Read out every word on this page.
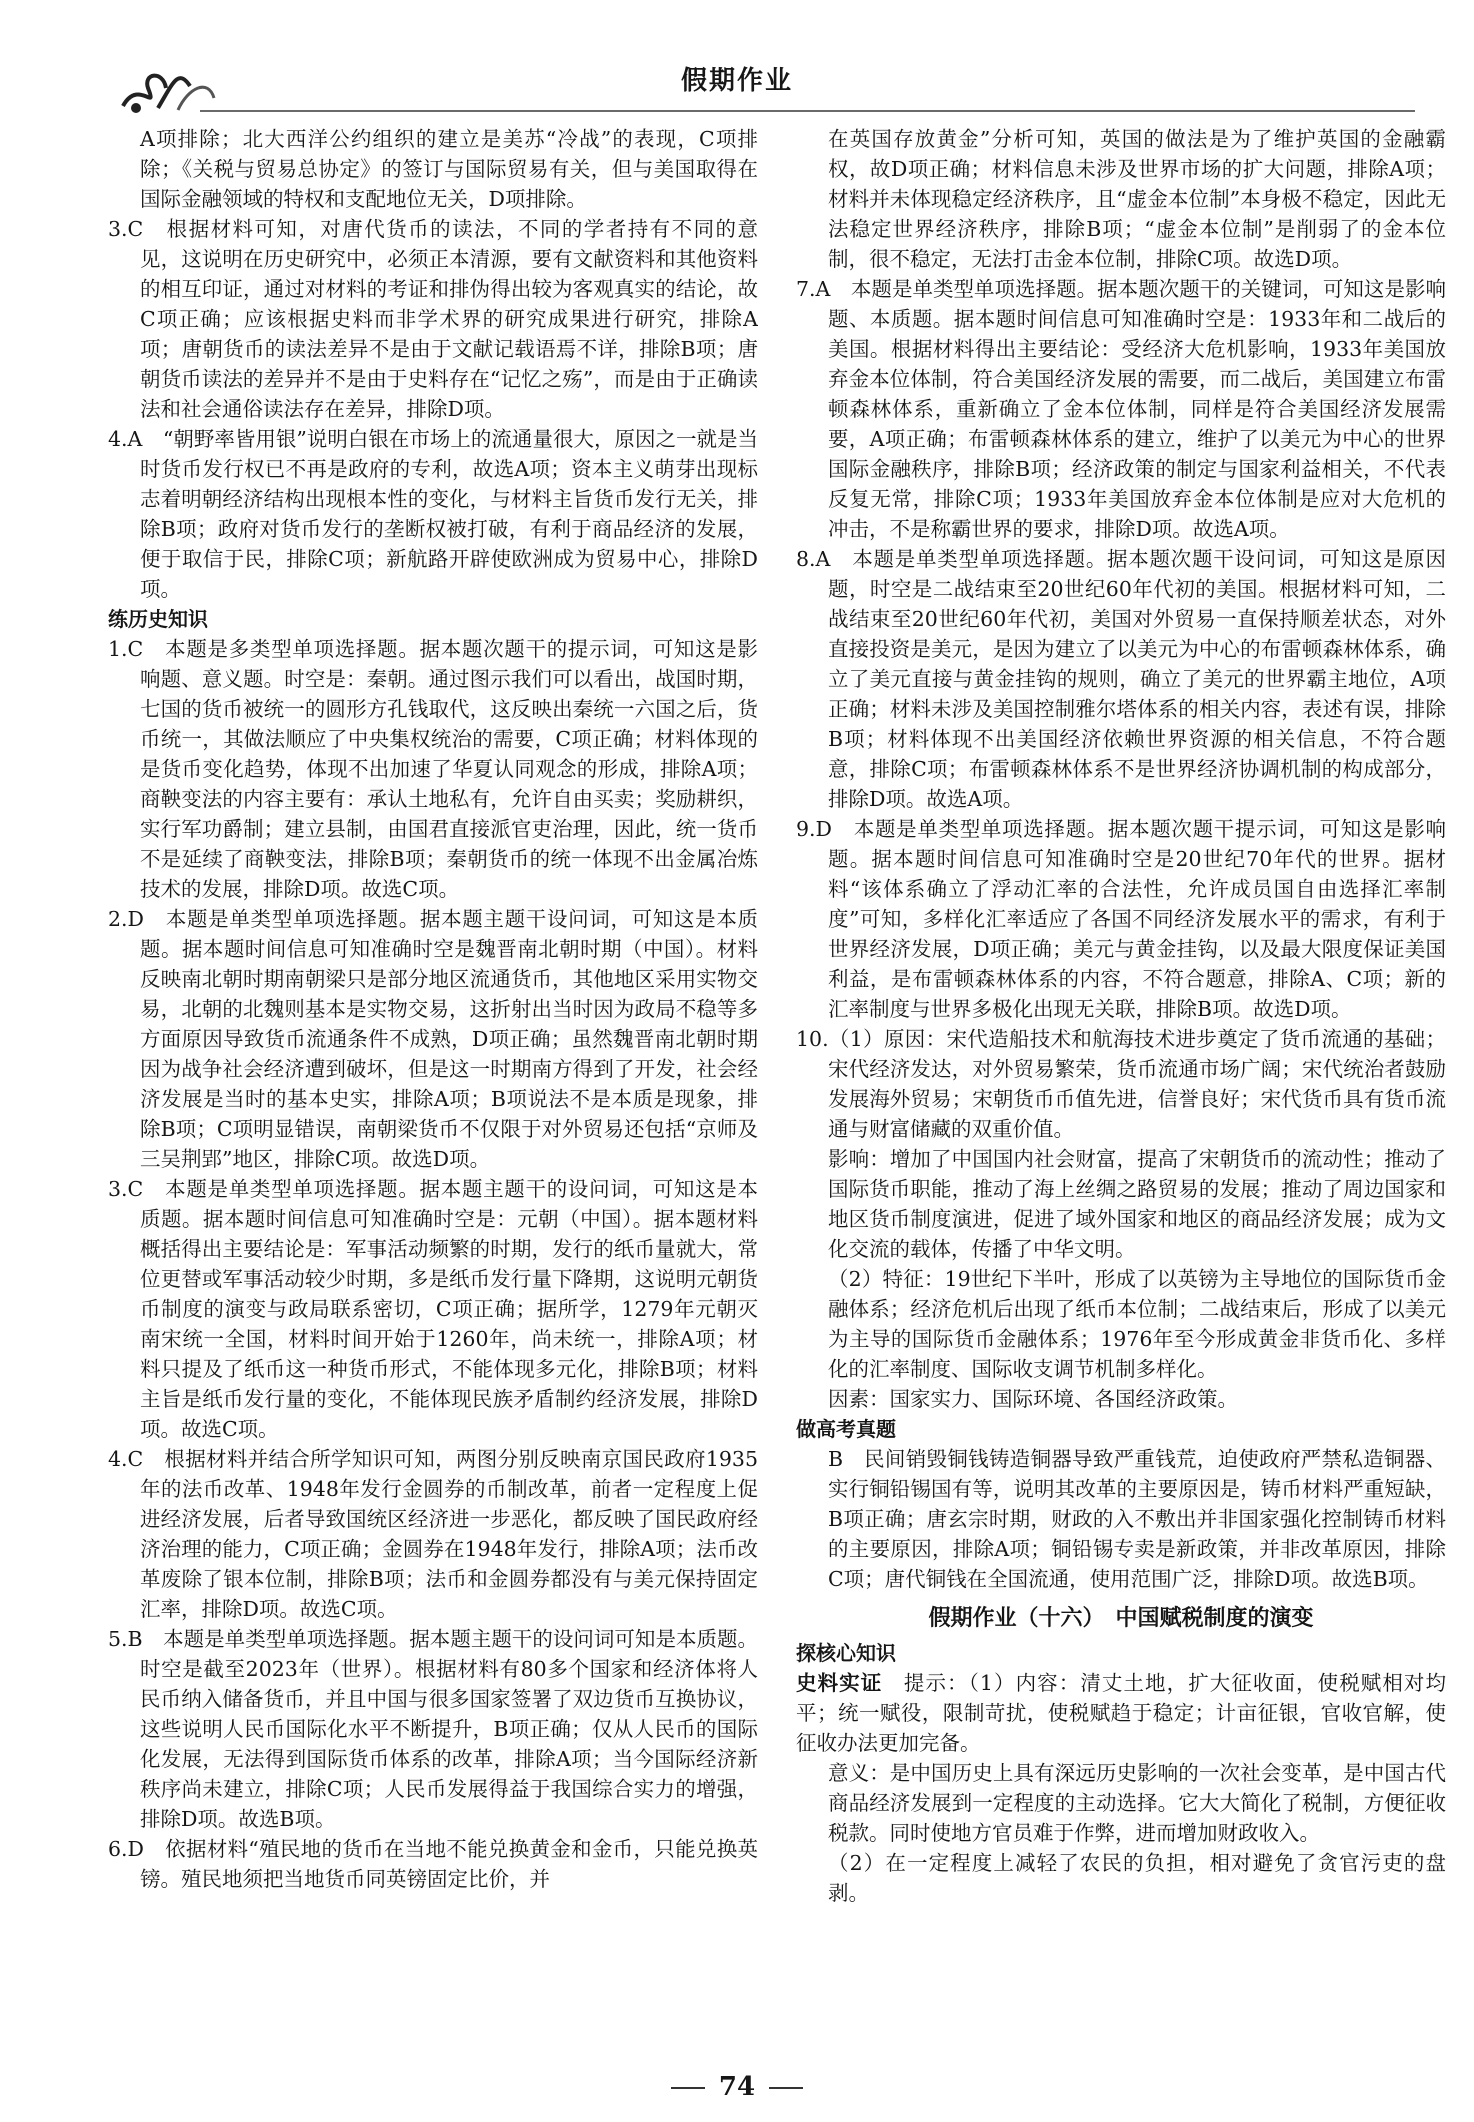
假期作业

A项排除；北大西洋公约组织的建立是美苏“冷战”的表现，C项排除；《关税与贸易总协定》的签订与国际贸易有关，但与美国取得在国际金融领域的特权和支配地位无关，D项排除。

3.C　根据材料可知，对唐代货币的读法，不同的学者持有不同的意见，这说明在历史研究中，必须正本清源，要有文献资料和其他资料的相互印证，通过对材料的考证和排伪得出较为客观真实的结论，故C项正确；应该根据史料而非学术界的研究成果进行研究，排除A项；唐朝货币的读法差异不是由于文献记载语焉不详，排除B项；唐朝货币读法的差异并不是由于史料存在“记忆之殇”，而是由于正确读法和社会通俗读法存在差异，排除D项。

4.A　“朝野率皆用银”说明白银在市场上的流通量很大，原因之一就是当时货币发行权已不再是政府的专利，故选A项；资本主义萌芽出现标志着明朝经济结构出现根本性的变化，与材料主旨货币发行无关，排除B项；政府对货币发行的垄断权被打破，有利于商品经济的发展，便于取信于民，排除C项；新航路开辟使欧洲成为贸易中心，排除D项。

练历史知识

1.C　本题是多类型单项选择题。据本题次题干的提示词，可知这是影响题、意义题。时空是：秦朝。通过图示我们可以看出，战国时期，七国的货币被统一的圆形方孔钱取代，这反映出秦统一六国之后，货币统一，其做法顺应了中央集权统治的需要，C项正确；材料体现的是货币变化趋势，体现不出加速了华夏认同观念的形成，排除A项；商鞅变法的内容主要有：承认土地私有，允许自由买卖；奖励耕织，实行军功爵制；建立县制，由国君直接派官吏治理，因此，统一货币不是延续了商鞅变法，排除B项；秦朝货币的统一体现不出金属冶炼技术的发展，排除D项。故选C项。

2.D　本题是单类型单项选择题。据本题主题干设问词，可知这是本质题。据本题时间信息可知准确时空是魏晋南北朝时期（中国）。材料反映南北朝时期南朝梁只是部分地区流通货币，其他地区采用实物交易，北朝的北魏则基本是实物交易，这折射出当时因为政局不稳等多方面原因导致货币流通条件不成熟，D项正确；虽然魏晋南北朝时期因为战争社会经济遭到破坏，但是这一时期南方得到了开发，社会经济发展是当时的基本史实，排除A项；B项说法不是本质是现象，排除B项；C项明显错误，南朝梁货币不仅限于对外贸易还包括“京师及三吴荆郢”地区，排除C项。故选D项。

3.C　本题是单类型单项选择题。据本题主题干的设问词，可知这是本质题。据本题时间信息可知准确时空是：元朝（中国）。据本题材料概括得出主要结论是：军事活动频繁的时期，发行的纸币量就大，常位更替或军事活动较少时期，多是纸币发行量下降期，这说明元朝货币制度的演变与政局联系密切，C项正确；据所学，1279年元朝灭南宋统一全国，材料时间开始于1260年，尚未统一，排除A项；材料只提及了纸币这一种货币形式，不能体现多元化，排除B项；材料主旨是纸币发行量的变化，不能体现民族矛盾制约经济发展，排除D项。故选C项。

4.C　根据材料并结合所学知识可知，两图分别反映南京国民政府1935年的法币改革、1948年发行金圆券的币制改革，前者一定程度上促进经济发展，后者导致国统区经济进一步恶化，都反映了国民政府经济治理的能力，C项正确；金圆券在1948年发行，排除A项；法币改革废除了银本位制，排除B项；法币和金圆券都没有与美元保持固定汇率，排除D项。故选C项。

5.B　本题是单类型单项选择题。据本题主题干的设问词可知是本质题。时空是截至2023年（世界）。根据材料有80多个国家和经济体将人民币纳入储备货币，并且中国与很多国家签署了双边货币互换协议，这些说明人民币国际化水平不断提升，B项正确；仅从人民币的国际化发展，无法得到国际货币体系的改革，排除A项；当今国际经济新秩序尚未建立，排除C项；人民币发展得益于我国综合实力的增强，排除D项。故选B项。

6.D　依据材料“殖民地的货币在当地不能兑换黄金和金币，只能兑换英镑。殖民地须把当地货币同英镑固定比价，并

在英国存放黄金”分析可知，英国的做法是为了维护英国的金融霸权，故D项正确；材料信息未涉及世界市场的扩大问题，排除A项；材料并未体现稳定经济秩序，且“虚金本位制”本身极不稳定，因此无法稳定世界经济秩序，排除B项；“虚金本位制”是削弱了的金本位制，很不稳定，无法打击金本位制，排除C项。故选D项。

7.A　本题是单类型单项选择题。据本题次题干的关键词，可知这是影响题、本质题。据本题时间信息可知准确时空是：1933年和二战后的美国。根据材料得出主要结论：受经济大危机影响，1933年美国放弃金本位体制，符合美国经济发展的需要，而二战后，美国建立布雷顿森林体系，重新确立了金本位体制，同样是符合美国经济发展需要，A项正确；布雷顿森林体系的建立，维护了以美元为中心的世界国际金融秩序，排除B项；经济政策的制定与国家利益相关，不代表反复无常，排除C项；1933年美国放弃金本位体制是应对大危机的冲击，不是称霸世界的要求，排除D项。故选A项。

8.A　本题是单类型单项选择题。据本题次题干设问词，可知这是原因题，时空是二战结束至20世纪60年代初的美国。根据材料可知，二战结束至20世纪60年代初，美国对外贸易一直保持顺差状态，对外直接投资是美元，是因为建立了以美元为中心的布雷顿森林体系，确立了美元直接与黄金挂钩的规则，确立了美元的世界霸主地位，A项正确；材料未涉及美国控制雅尔塔体系的相关内容，表述有误，排除B项；材料体现不出美国经济依赖世界资源的相关信息，不符合题意，排除C项；布雷顿森林体系不是世界经济协调机制的构成部分，排除D项。故选A项。

9.D　本题是单类型单项选择题。据本题次题干提示词，可知这是影响题。据本题时间信息可知准确时空是20世纪70年代的世界。据材料“该体系确立了浮动汇率的合法性，允许成员国自由选择汇率制度”可知，多样化汇率适应了各国不同经济发展水平的需求，有利于世界经济发展，D项正确；美元与黄金挂钩，以及最大限度保证美国利益，是布雷顿森林体系的内容，不符合题意，排除A、C项；新的汇率制度与世界多极化出现无关联，排除B项。故选D项。

10.（1）原因：宋代造船技术和航海技术进步奠定了货币流通的基础；宋代经济发达，对外贸易繁荣，货币流通市场广阔；宋代统治者鼓励发展海外贸易；宋朝货币币值先进，信誉良好；宋代货币具有货币流通与财富储藏的双重价值。

影响：增加了中国国内社会财富，提高了宋朝货币的流动性；推动了国际货币职能，推动了海上丝绸之路贸易的发展；推动了周边国家和地区货币制度演进，促进了域外国家和地区的商品经济发展；成为文化交流的载体，传播了中华文明。

（2）特征：19世纪下半叶，形成了以英镑为主导地位的国际货币金融体系；经济危机后出现了纸币本位制；二战结束后，形成了以美元为主导的国际货币金融体系；1976年至今形成黄金非货币化、多样化的汇率制度、国际收支调节机制多样化。

因素：国家实力、国际环境、各国经济政策。

做高考真题

B　民间销毁铜钱铸造铜器导致严重钱荒，迫使政府严禁私造铜器、实行铜铅锡国有等，说明其改革的主要原因是，铸币材料严重短缺，B项正确；唐玄宗时期，财政的入不敷出并非国家强化控制铸币材料的主要原因，排除A项；铜铅锡专卖是新政策，并非改革原因，排除C项；唐代铜钱在全国流通，使用范围广泛，排除D项。故选B项。

假期作业（十六）　中国赋税制度的演变

探核心知识

史料实证　提示：（1）内容：清丈土地，扩大征收面，使税赋相对均平；统一赋役，限制苛扰，使税赋趋于稳定；计亩征银，官收官解，使征收办法更加完备。

意义：是中国历史上具有深远历史影响的一次社会变革，是中国古代商品经济发展到一定程度的主动选择。它大大简化了税制，方便征收税款。同时使地方官员难于作弊，进而增加财政收入。

（2）在一定程度上减轻了农民的负担，相对避免了贪官污吏的盘剥。

74
